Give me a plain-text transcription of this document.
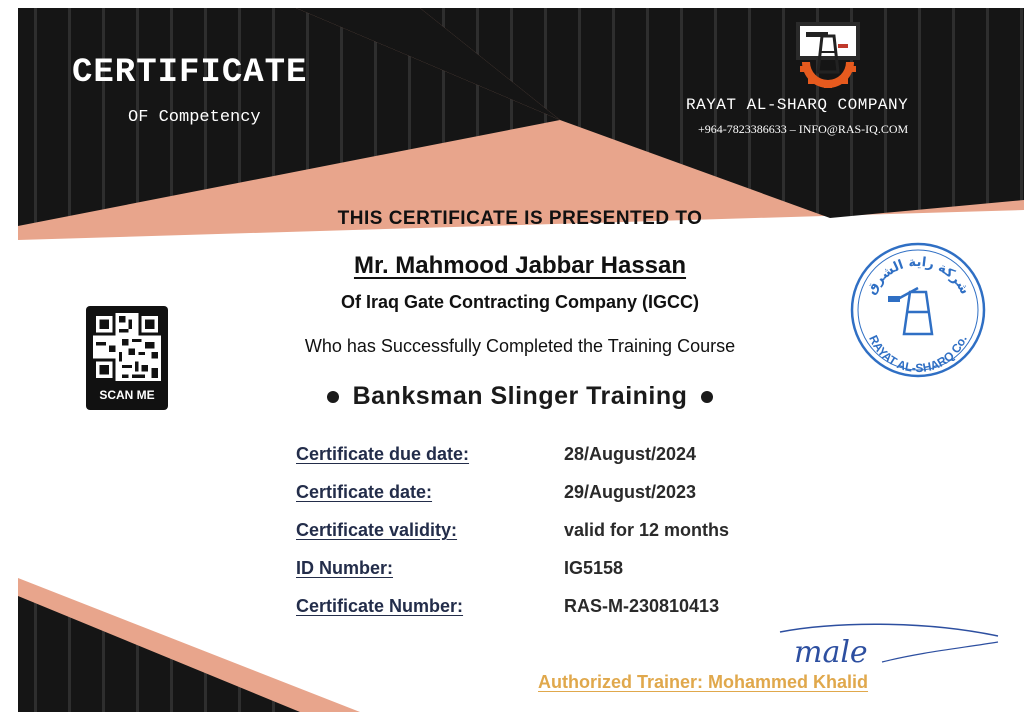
CERTIFICATE
OF Competency
RAYAT AL-SHARQ COMPANY
+964-7823386633 – INFO@RAS-IQ.COM
THIS CERTIFICATE IS PRESENTED TO
Mr. Mahmood Jabbar Hassan
Of Iraq Gate Contracting Company (IGCC)
Who has Successfully Completed the Training Course
Banksman Slinger Training
Certificate due date:	28/August/2024
Certificate date:	29/August/2023
Certificate validity:	valid for 12 months
ID Number:	IG5158
Certificate Number:	RAS-M-230810413
SCAN ME
شركة راية الشرق
RAYAT AL-SHARQ Co.
male
Authorized Trainer: Mohammed Khalid
